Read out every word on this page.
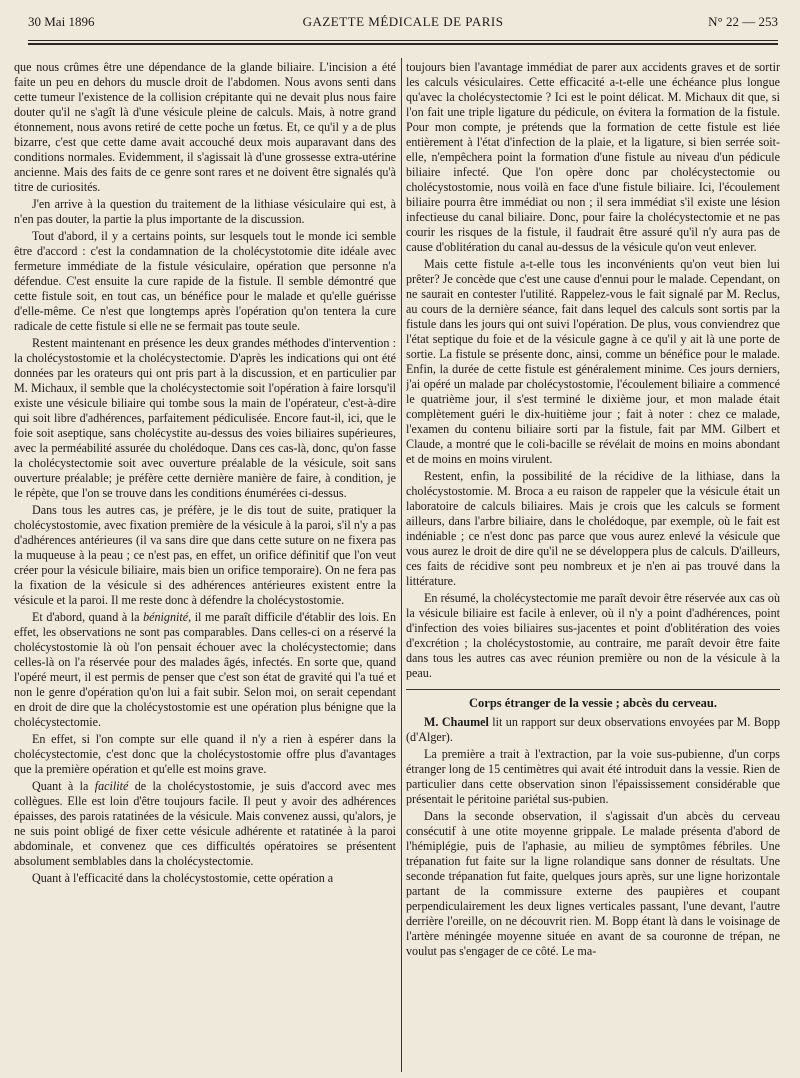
GAZETTE MÉDICALE DE PARIS
30 Mai 1896	N° 22 — 253

que nous crûmes être une dépendance de la glande biliaire. L'incision a été faite un peu en dehors du muscle droit de l'abdomen. Nous avons senti dans cette tumeur l'existence de la collision crépitante qui ne devait plus nous faire douter qu'il ne s'agît là d'une vésicule pleine de calculs. Mais, à notre grand étonnement, nous avons retiré de cette poche un fœtus. Et, ce qu'il y a de plus bizarre, c'est que cette dame avait accouché deux mois auparavant dans des conditions normales. Evidemment, il s'agissait là d'une grossesse extra-utérine ancienne. Mais des faits de ce genre sont rares et ne doivent être signalés qu'à titre de curiosités.

J'en arrive à la question du traitement de la lithiase vésiculaire qui est, à n'en pas douter, la partie la plus importante de la discussion.

Tout d'abord, il y a certains points, sur lesquels tout le monde ici semble être d'accord : c'est la condamnation de la cholécystotomie dite idéale avec fermeture immédiate de la fistule vésiculaire, opération que personne n'a défendue. C'est ensuite la cure rapide de la fistule. Il semble démontré que cette fistule soit, en tout cas, un bénéfice pour le malade et qu'elle guérisse d'elle-même. Ce n'est que longtemps après l'opération qu'on tentera la cure radicale de cette fistule si elle ne se fermait pas toute seule.

Restent maintenant en présence les deux grandes méthodes d'intervention : la cholécystostomie et la cholécystectomie. D'après les indications qui ont été données par les orateurs qui ont pris part à la discussion, et en particulier par M. Michaux, il semble que la cholécystectomie soit l'opération à faire lorsqu'il existe une vésicule biliaire qui tombe sous la main de l'opérateur, c'est-à-dire qui soit libre d'adhérences, parfaitement pédiculisée. Encore faut-il, ici, que le foie soit aseptique, sans cholécystite au-dessus des voies biliaires supérieures, avec la perméabilité assurée du cholédoque. Dans ces cas-là, donc, qu'on fasse la cholécystectomie soit avec ouverture préalable de la vésicule, soit sans ouverture préalable; je préfère cette dernière manière de faire, à condition, je le répète, que l'on se trouve dans les conditions énumérées ci-dessus.

Dans tous les autres cas, je préfère, je le dis tout de suite, pratiquer la cholécystostomie, avec fixation première de la vésicule à la paroi, s'il n'y a pas d'adhérences antérieures (il va sans dire que dans cette suture on ne fixera pas la muqueuse à la peau ; ce n'est pas, en effet, un orifice définitif que l'on veut créer pour la vésicule biliaire, mais bien un orifice temporaire). On ne fera pas la fixation de la vésicule si des adhérences antérieures existent entre la vésicule et la paroi. Il me reste donc à défendre la cholécystostomie.

Et d'abord, quand à la bénignité, il me paraît difficile d'établir des lois. En effet, les observations ne sont pas comparables. Dans celles-ci on a réservé la cholécystostomie là où l'on pensait échouer avec la cholécystectomie; dans celles-là on l'a réservée pour des malades âgés, infectés. En sorte que, quand l'opéré meurt, il est permis de penser que c'est son état de gravité qui l'a tué et non le genre d'opération qu'on lui a fait subir. Selon moi, on serait cependant en droit de dire que la cholécystostomie est une opération plus bénigne que la cholécystectomie.

En effet, si l'on compte sur elle quand il n'y a rien à espérer dans la cholécystectomie, c'est donc que la cholécystostomie offre plus d'avantages que la première opération et qu'elle est moins grave.

Quant à la facilité de la cholécystostomie, je suis d'accord avec mes collègues. Elle est loin d'être toujours facile. Il peut y avoir des adhérences épaisses, des parois ratatinées de la vésicule. Mais convenez aussi, qu'alors, je ne suis point obligé de fixer cette vésicule adhérente et ratatinée à la paroi abdominale, et convenez que ces difficultés opératoires se présentent absolument semblables dans la cholécystectomie.

Quant à l'efficacité dans la cholécystostomie, cette opération a

toujours bien l'avantage immédiat de parer aux accidents graves et de sortir les calculs vésiculaires. Cette efficacité a-t-elle une échéance plus longue qu'avec la cholécystectomie ? Ici est le point délicat. M. Michaux dit que, si l'on fait une triple ligature du pédicule, on évitera la formation de la fistule. Pour mon compte, je prétends que la formation de cette fistule est liée entièrement à l'état d'infection de la plaie, et la ligature, si bien serrée soit-elle, n'empêchera point la formation d'une fistule au niveau d'un pédicule biliaire infecté. Que l'on opère donc par cholécystectomie ou cholécystostomie, nous voilà en face d'une fistule biliaire. Ici, l'écoulement biliaire pourra être immédiat ou non ; il sera immédiat s'il existe une lésion infectieuse du canal biliaire. Donc, pour faire la cholécystectomie et ne pas courir les risques de la fistule, il faudrait être assuré qu'il n'y aura pas de cause d'oblitération du canal au-dessus de la vésicule qu'on veut enlever.

Mais cette fistule a-t-elle tous les inconvénients qu'on veut bien lui prêter? Je concède que c'est une cause d'ennui pour le malade. Cependant, on ne saurait en contester l'utilité. Rappelez-vous le fait signalé par M. Reclus, au cours de la dernière séance, fait dans lequel des calculs sont sortis par la fistule dans les jours qui ont suivi l'opération. De plus, vous conviendrez que l'état septique du foie et de la vésicule gagne à ce qu'il y ait là une porte de sortie. La fistule se présente donc, ainsi, comme un bénéfice pour le malade. Enfin, la durée de cette fistule est généralement minime. Ces jours derniers, j'ai opéré un malade par cholécystostomie, l'écoulement biliaire a commencé le quatrième jour, il s'est terminé le dixième jour, et mon malade était complètement guéri le dix-huitième jour ; fait à noter : chez ce malade, l'examen du contenu biliaire sorti par la fistule, fait par MM. Gilbert et Claude, a montré que le coli-bacille se révélait de moins en moins abondant et de moins en moins virulent.

Restent, enfin, la possibilité de la récidive de la lithiase, dans la cholécystostomie. M. Broca a eu raison de rappeler que la vésicule était un laboratoire de calculs biliaires. Mais je crois que les calculs se forment ailleurs, dans l'arbre biliaire, dans le cholédoque, par exemple, où le fait est indéniable ; ce n'est donc pas parce que vous aurez enlevé la vésicule que vous aurez le droit de dire qu'il ne se développera plus de calculs. D'ailleurs, ces faits de récidive sont peu nombreux et je n'en ai pas trouvé dans la littérature.

En résumé, la cholécystectomie me paraît devoir être réservée aux cas où la vésicule biliaire est facile à enlever, où il n'y a point d'adhérences, point d'infection des voies biliaires sus-jacentes et point d'oblitération des voies d'excrétion ; la cholécystostomie, au contraire, me paraît devoir être faite dans tous les autres cas avec réunion première ou non de la vésicule à la peau.

Corps étranger de la vessie ; abcès du cerveau.

M. Chaumel lit un rapport sur deux observations envoyées par M. Bopp (d'Alger).

La première a trait à l'extraction, par la voie sus-pubienne, d'un corps étranger long de 15 centimètres qui avait été introduit dans la vessie. Rien de particulier dans cette observation sinon l'épaississement considérable que présentait le péritoine pariétal sus-pubien.

Dans la seconde observation, il s'agissait d'un abcès du cerveau consécutif à une otite moyenne grippale. Le malade présenta d'abord de l'hémiplégie, puis de l'aphasie, au milieu de symptômes fébriles. Une trépanation fut faite sur la ligne rolandique sans donner de résultats. Une seconde trépanation fut faite, quelques jours après, sur une ligne horizontale partant de la commissure externe des paupières et coupant perpendiculairement les deux lignes verticales passant, l'une devant, l'autre derrière l'oreille, on ne découvrit rien. M. Bopp étant là dans le voisinage de l'artère méningée moyenne située en avant de sa couronne de trépan, ne voulut pas s'engager de ce côté. Le ma-
